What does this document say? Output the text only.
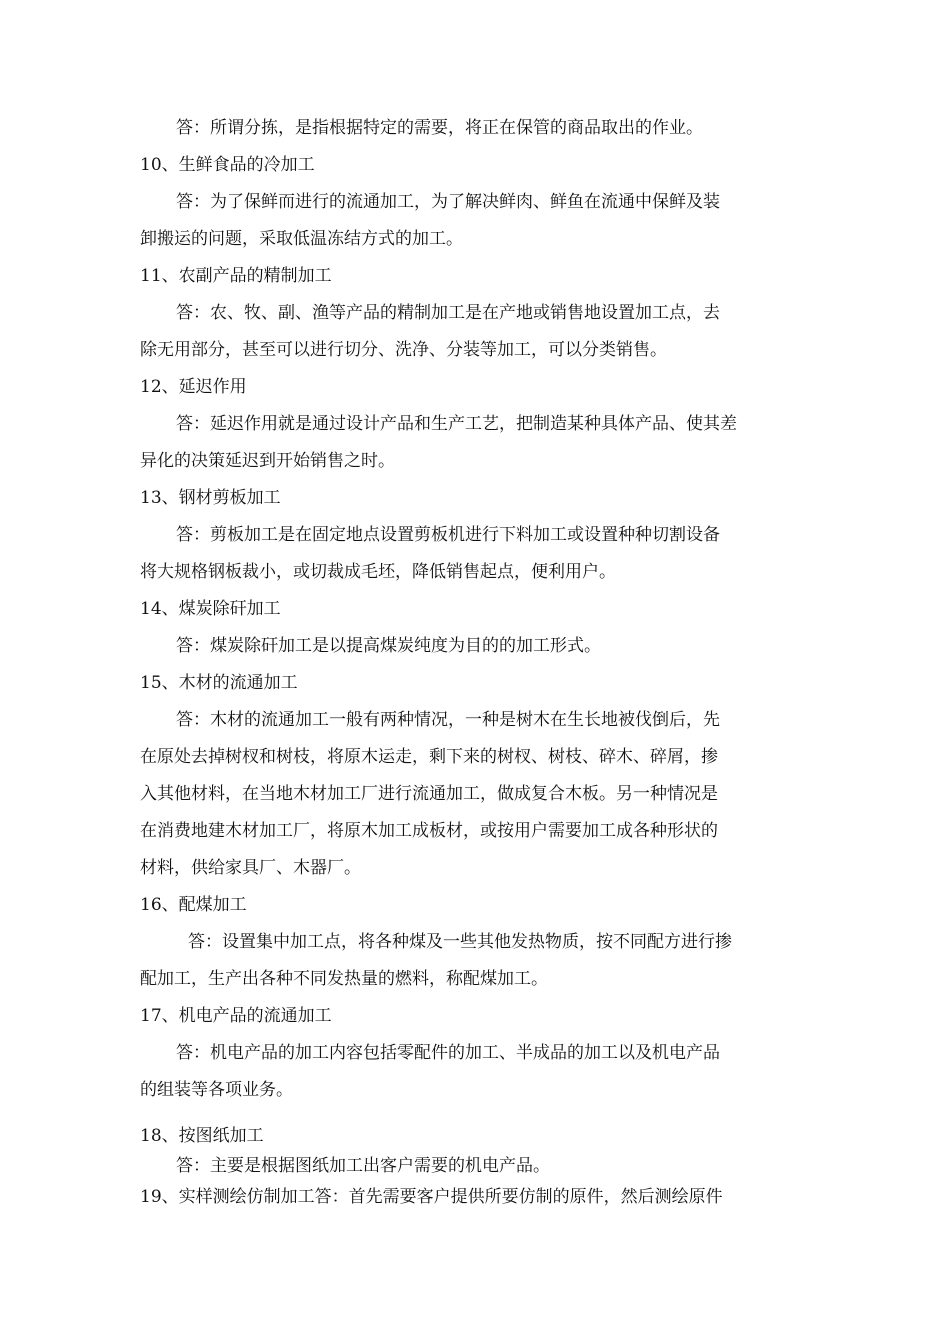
答：所谓分拣，是指根据特定的需要，将正在保管的商品取出的作业。
10、生鲜食品的冷加工
答：为了保鲜而进行的流通加工，为了解决鲜肉、鲜鱼在流通中保鲜及装
卸搬运的问题，采取低温冻结方式的加工。
11、农副产品的精制加工
答：农、牧、副、渔等产品的精制加工是在产地或销售地设置加工点，去
除无用部分，甚至可以进行切分、洗净、分装等加工，可以分类销售。
12、延迟作用
答：延迟作用就是通过设计产品和生产工艺，把制造某种具体产品、使其差
异化的决策延迟到开始销售之时。
13、钢材剪板加工
答：剪板加工是在固定地点设置剪板机进行下料加工或设置种种切割设备
将大规格钢板裁小，或切裁成毛坯，降低销售起点，便利用户。
14、煤炭除矸加工
答：煤炭除矸加工是以提高煤炭纯度为目的的加工形式。
15、木材的流通加工
答：木材的流通加工一般有两种情况，一种是树木在生长地被伐倒后，先
在原处去掉树杈和树枝，将原木运走，剩下来的树杈、树枝、碎木、碎屑，掺
入其他材料，在当地木材加工厂进行流通加工，做成复合木板。另一种情况是
在消费地建木材加工厂，将原木加工成板材，或按用户需要加工成各种形状的
材料，供给家具厂、木器厂。
16、配煤加工
答：设置集中加工点，将各种煤及一些其他发热物质，按不同配方进行掺
配加工，生产出各种不同发热量的燃料，称配煤加工。
17、机电产品的流通加工
答：机电产品的加工内容包括零配件的加工、半成品的加工以及机电产品
的组装等各项业务。
18、按图纸加工
答：主要是根据图纸加工出客户需要的机电产品。
19、实样测绘仿制加工答：首先需要客户提供所要仿制的原件，然后测绘原件
